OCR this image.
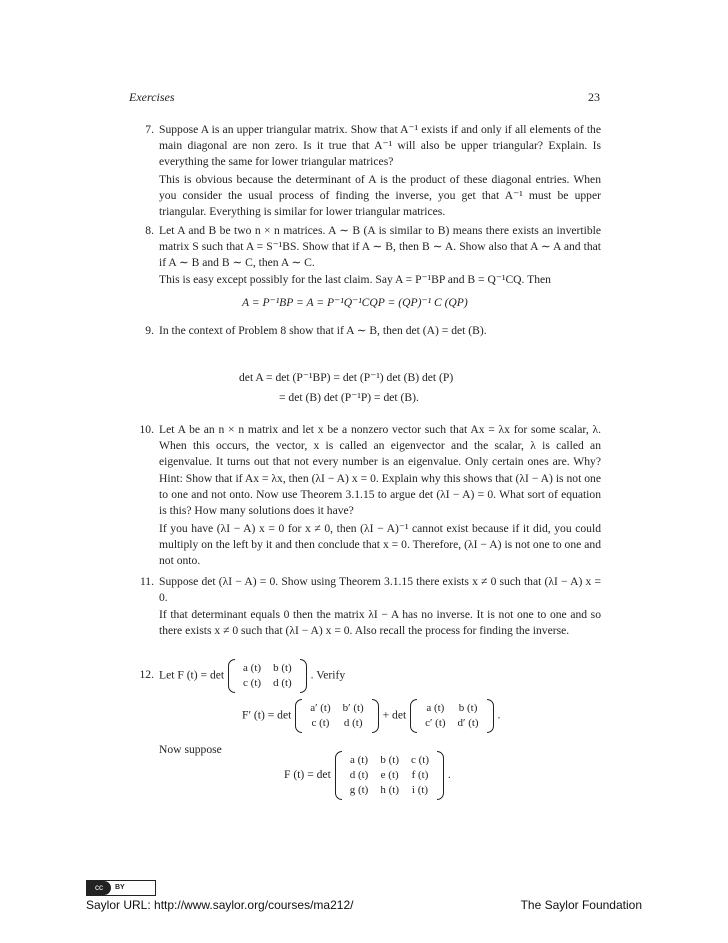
Exercises	23
7. Suppose A is an upper triangular matrix. Show that A⁻¹ exists if and only if all elements of the main diagonal are non zero. Is it true that A⁻¹ will also be upper triangular? Explain. Is everything the same for lower triangular matrices?
This is obvious because the determinant of A is the product of these diagonal entries. When you consider the usual process of finding the inverse, you get that A⁻¹ must be upper triangular. Everything is similar for lower triangular matrices.
8. Let A and B be two n × n matrices. A ∼ B (A is similar to B) means there exists an invertible matrix S such that A = S⁻¹BS. Show that if A ∼ B, then B ∼ A. Show also that A ∼ A and that if A ∼ B and B ∼ C, then A ∼ C.
This is easy except possibly for the last claim. Say A = P⁻¹BP and B = Q⁻¹CQ. Then
A = P⁻¹BP = A = P⁻¹Q⁻¹CQP = (QP)⁻¹ C (QP)
9. In the context of Problem 8 show that if A ∼ B, then det (A) = det (B).
det A = det (P⁻¹BP) = det (P⁻¹) det (B) det (P)
= det (B) det (P⁻¹P) = det (B).
10. Let A be an n × n matrix and let x be a nonzero vector such that Ax = λx for some scalar, λ. When this occurs, the vector, x is called an eigenvector and the scalar, λ is called an eigenvalue. It turns out that not every number is an eigenvalue. Only certain ones are. Why? Hint: Show that if Ax = λx, then (λI − A) x = 0. Explain why this shows that (λI − A) is not one to one and not onto. Now use Theorem 3.1.15 to argue det (λI − A) = 0. What sort of equation is this? How many solutions does it have?
If you have (λI − A) x = 0 for x ≠ 0, then (λI − A)⁻¹ cannot exist because if it did, you could multiply on the left by it and then conclude that x = 0. Therefore, (λI − A) is not one to one and not onto.
11. Suppose det (λI − A) = 0. Show using Theorem 3.1.15 there exists x ≠ 0 such that (λI − A) x = 0.
If that determinant equals 0 then the matrix λI − A has no inverse. It is not one to one and so there exists x ≠ 0 such that (λI − A) x = 0. Also recall the process for finding the inverse.
12. Let F (t) = det
a (t)	b (t)
c (t)	d (t)
. Verify
F′ (t) = det
a′ (t)	b′ (t)
c (t)	d (t)
+ det
a (t)	b (t)
c′ (t)	d′ (t)
.
Now suppose
F (t) = det
a (t)	b (t)	c (t)
d (t)	e (t)	f (t)
g (t)	h (t)	i (t)
.
cc	BY
Saylor URL: http://www.saylor.org/courses/ma212/	The Saylor Foundation
